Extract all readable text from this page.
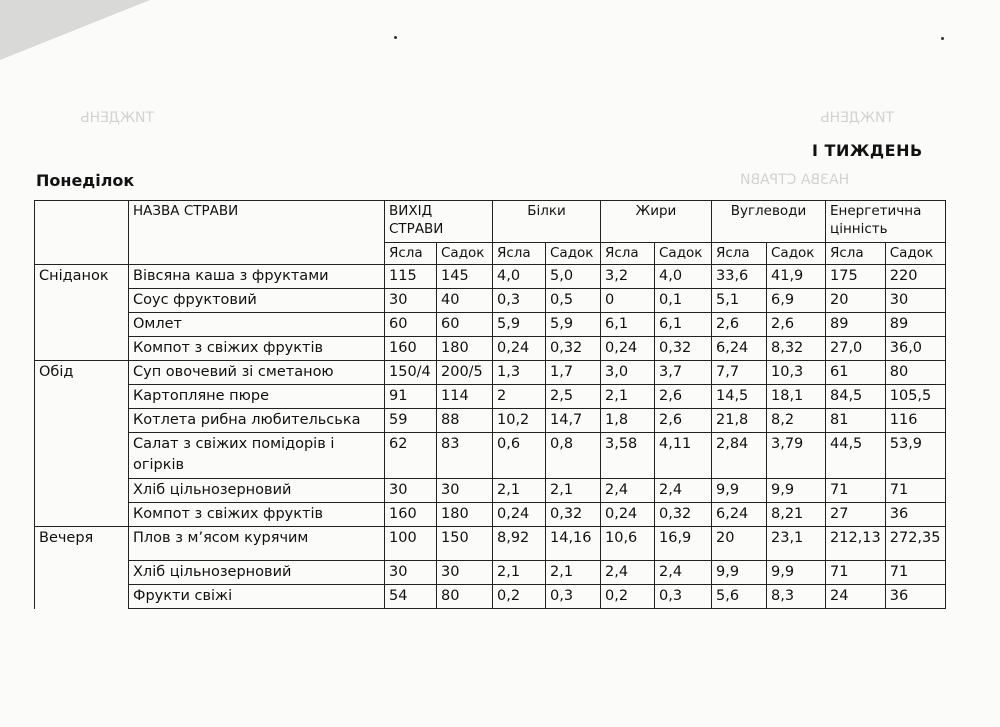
ТИЖДЕНЬ	ТИЖДЕНЬ
НАЗВА СТРАВИ
I ТИЖДЕНЬ
Понеділок
	НАЗВА СТРАВИ	ВИХІД СТРАВИ		Білки		Жири		Вуглеводи		Енергетична цінність	
		Ясла	Садок	Ясла	Садок	Ясла	Садок	Ясла	Садок	Ясла	Садок
Сніданок	Вівсяна каша з фруктами	115	145	4,0	5,0	3,2	4,0	33,6	41,9	175	220
	Соус фруктовий	30	40	0,3	0,5	0	0,1	5,1	6,9	20	30
	Омлет	60	60	5,9	5,9	6,1	6,1	2,6	2,6	89	89
	Компот з свіжих фруктів	160	180	0,24	0,32	0,24	0,32	6,24	8,32	27,0	36,0
Обід	Суп овочевий зі сметаною	150/4	200/5	1,3	1,7	3,0	3,7	7,7	10,3	61	80
	Картопляне пюре	91	114	2	2,5	2,1	2,6	14,5	18,1	84,5	105,5
	Котлета рибна любительська	59	88	10,2	14,7	1,8	2,6	21,8	8,2	81	116
	Салат з свіжих помідорів і огірків	62	83	0,6	0,8	3,58	4,11	2,84	3,79	44,5	53,9
	Хліб цільнозерновий	30	30	2,1	2,1	2,4	2,4	9,9	9,9	71	71
	Компот з свіжих фруктів	160	180	0,24	0,32	0,24	0,32	6,24	8,21	27	36
Вечеря	Плов з м’ясом курячим	100	150	8,92	14,16	10,6	16,9	20	23,1	212,13	272,35
	Хліб цільнозерновий	30	30	2,1	2,1	2,4	2,4	9,9	9,9	71	71
	Фрукти свіжі	54	80	0,2	0,3	0,2	0,3	5,6	8,3	24	36
